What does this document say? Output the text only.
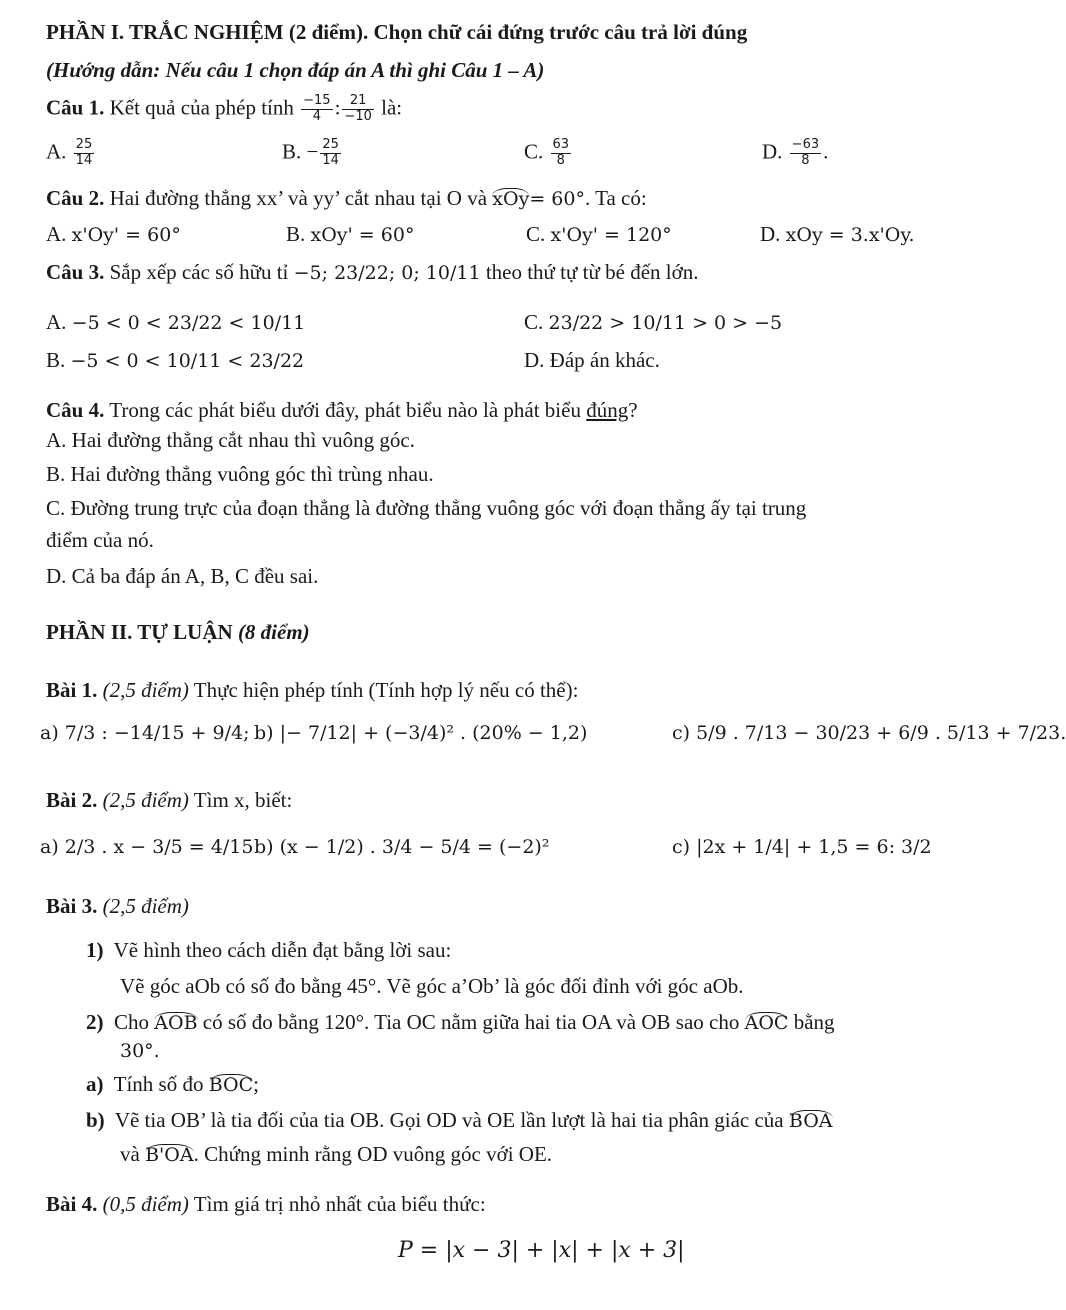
PHẦN I. TRẮC NGHIỆM (2 điểm). Chọn chữ cái đứng trước câu trả lời đúng
(Hướng dẫn: Nếu câu 1 chọn đáp án A thì ghi Câu 1 – A)
Câu 1. Kết quả của phép tính $\frac{-15}{4}$ : $\frac{21}{-10}$ là:
A. $\frac{25}{14}$	B. − $\frac{25}{14}$	C. $\frac{63}{8}$	D. $\frac{-63}{8}$ .
Câu 2. Hai đường thẳng xx’ và yy’ cắt nhau tại O và xOy= 60°. Ta có:
A. x'Oy' = 60°	B. xOy' = 60°	C. x'Oy' = 120°	D. xOy = 3.x'Oy.
Câu 3. Sắp xếp các số hữu tỉ −5; 23/22; 0; 10/11 theo thứ tự từ bé đến lớn.
A. −5 < 0 < 23/22 < 10/11	C. 23/22 > 10/11 > 0 > −5
B. −5 < 0 < 10/11 < 23/22	D. Đáp án khác.
Câu 4. Trong các phát biểu dưới đây, phát biểu nào là phát biểu đúng?
A. Hai đường thẳng cắt nhau thì vuông góc.
B. Hai đường thẳng vuông góc thì trùng nhau.
C. Đường trung trực của đoạn thẳng là đường thẳng vuông góc với đoạn thẳng ấy tại trung
điểm của nó.
D. Cả ba đáp án A, B, C đều sai.
PHẦN II. TỰ LUẬN (8 điểm)
Bài 1. (2,5 điểm) Thực hiện phép tính (Tính hợp lý nếu có thể):
a) 7/3 : −14/15 + 9/4; b) |− 7/12| + (−3/4)² . (20% − 1,2)	c) 5/9 . 7/13 − 30/23 + 6/9 . 5/13 + 7/23.
Bài 2. (2,5 điểm) Tìm x, biết:
a) 2/3 . x − 3/5 = 4/15 b) (x − 1/2) . 3/4 − 5/4 = (−2)²	c) |2x + 1/4| + 1,5 = 6: 3/2
Bài 3. (2,5 điểm)
1) Vẽ hình theo cách diễn đạt bằng lời sau:
Vẽ góc aOb có số đo bằng 45°. Vẽ góc a’Ob’ là góc đối đỉnh với góc aOb.
2) Cho AOB có số đo bằng 120°. Tia OC nằm giữa hai tia OA và OB sao cho AOC bằng
30°.
a) Tính số đo BOC;
b) Vẽ tia OB’ là tia đối của tia OB. Gọi OD và OE lần lượt là hai tia phân giác của BOA
và B'OA. Chứng minh rằng OD vuông góc với OE.
Bài 4. (0,5 điểm) Tìm giá trị nhỏ nhất của biểu thức:
P = |x − 3| + |x| + |x + 3|
